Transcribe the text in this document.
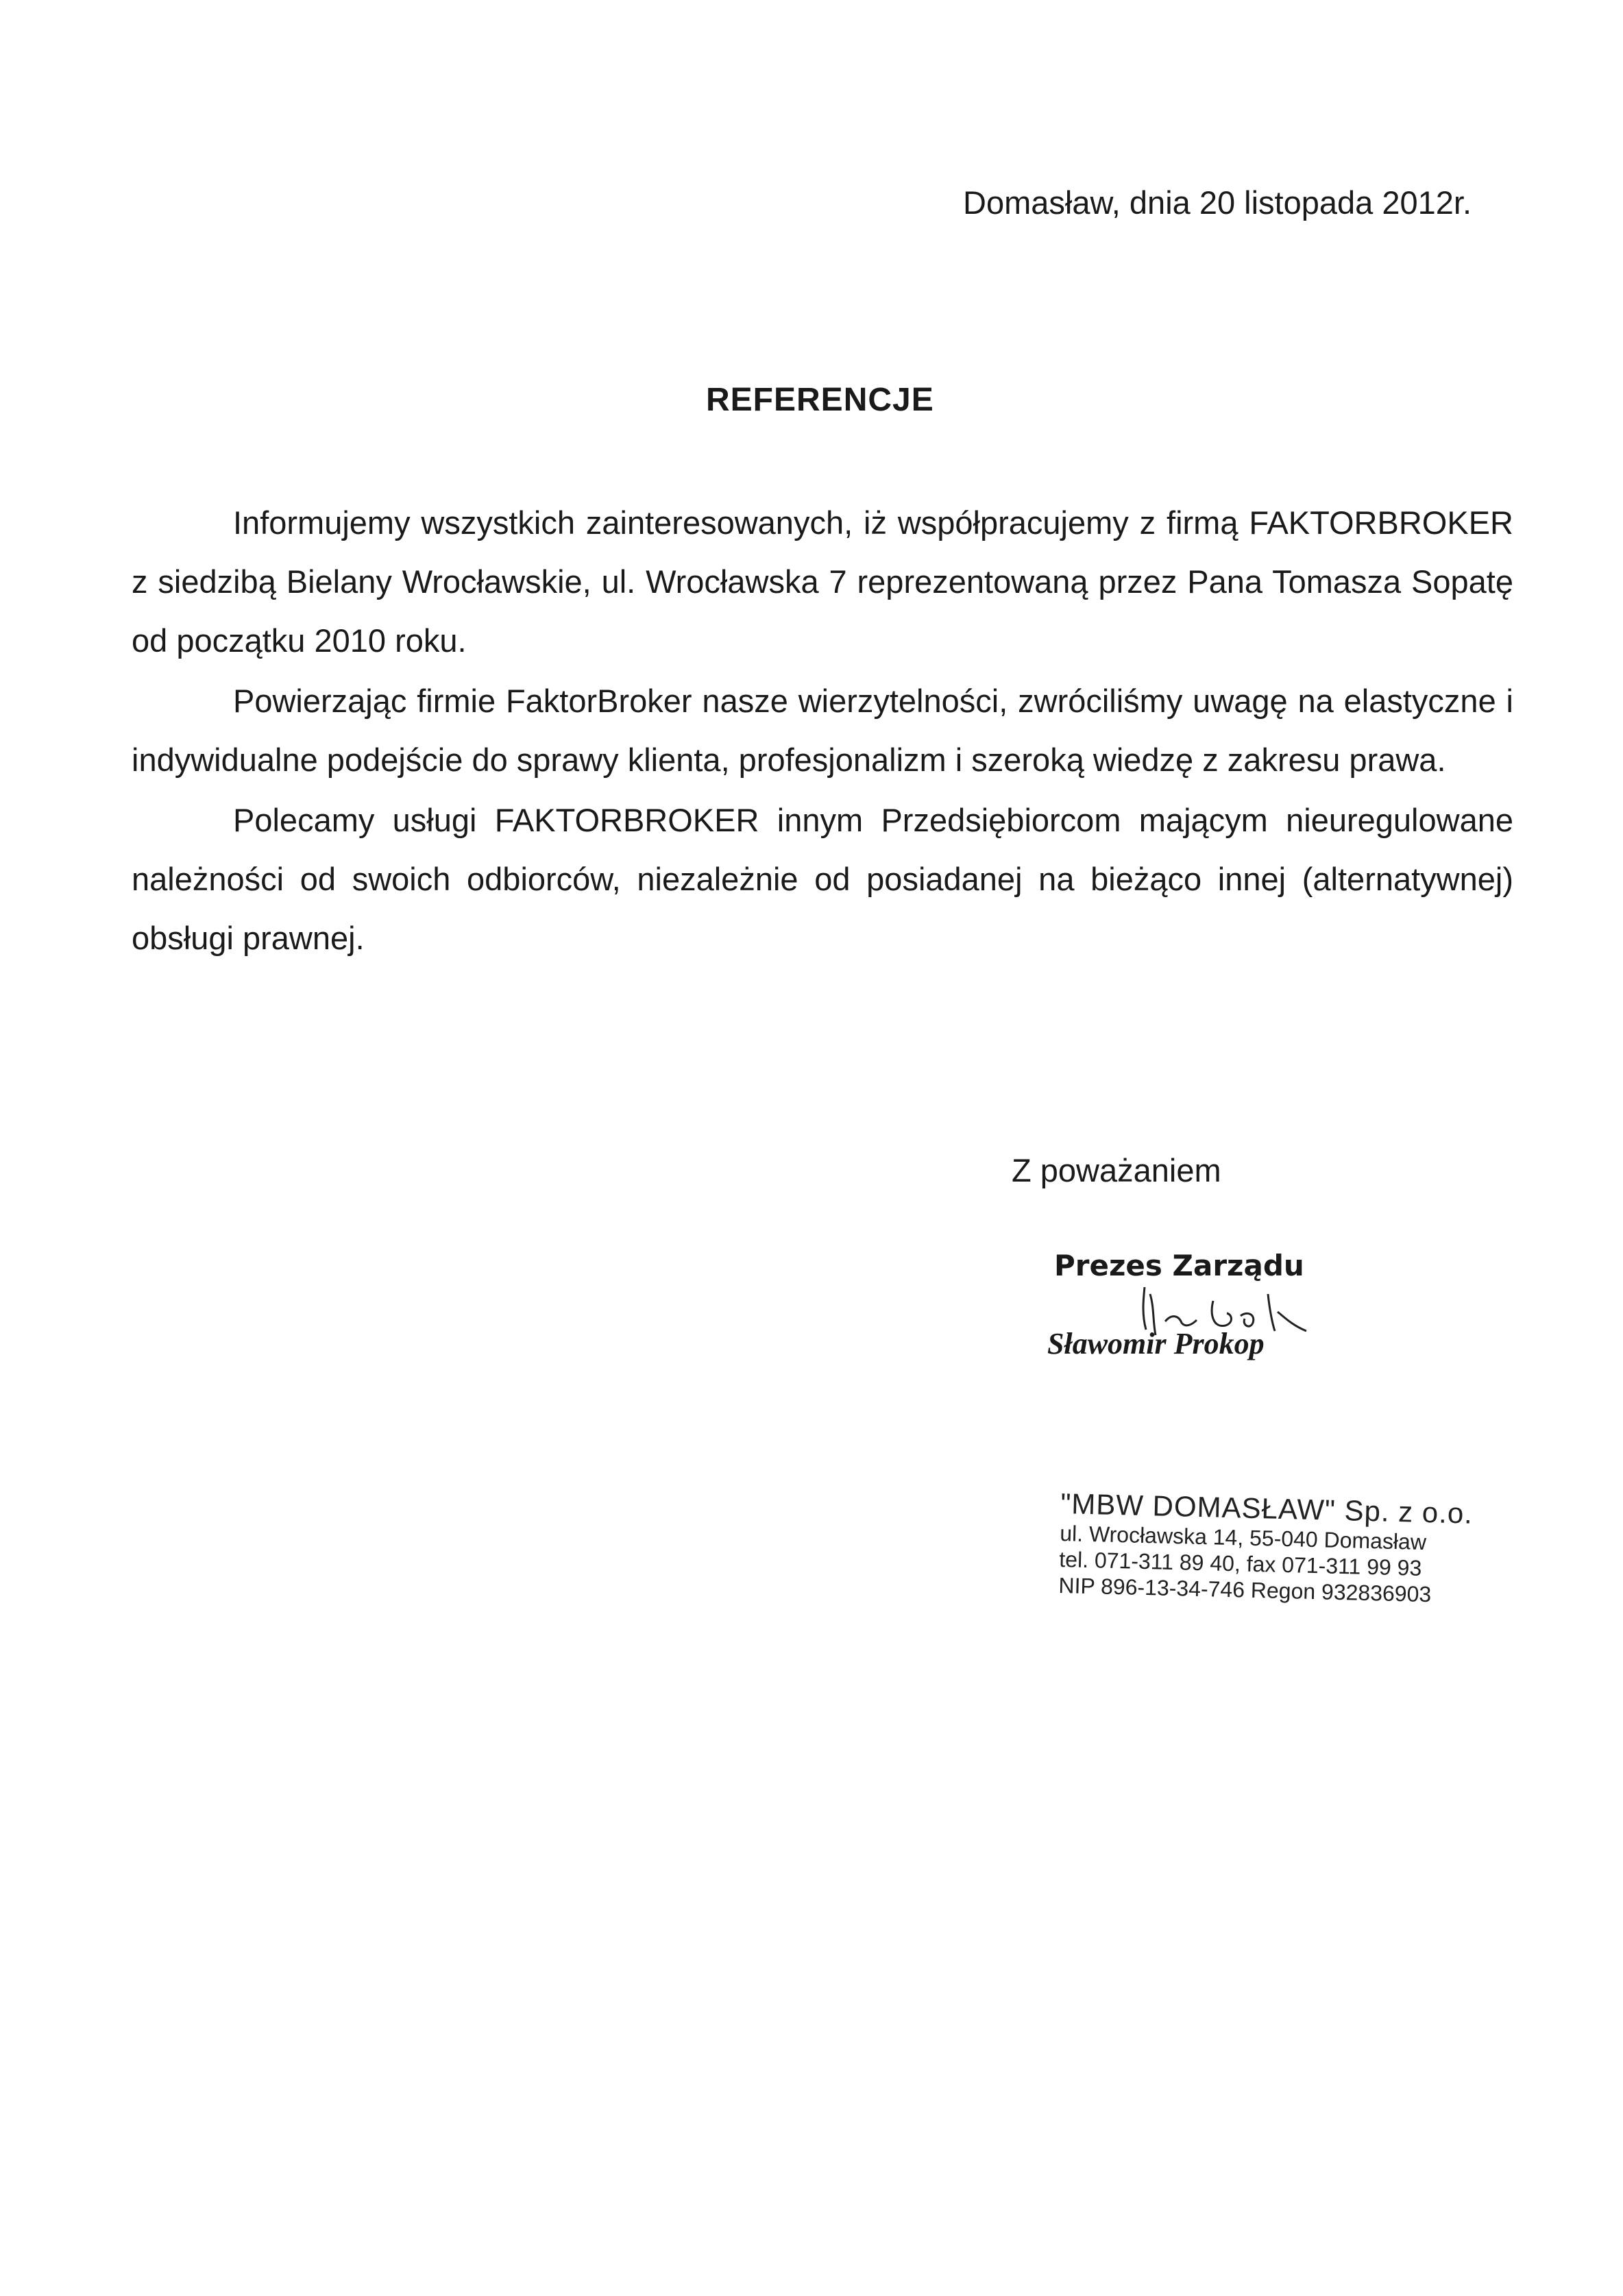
Domasław, dnia 20 listopada 2012r.
REFERENCJE

Informujemy wszystkich zainteresowanych, iż współpracujemy z firmą FAKTORBROKER z siedzibą Bielany Wrocławskie, ul. Wrocławska 7 reprezentowaną przez Pana Tomasza Sopatę od początku 2010 roku.

Powierzając firmie FaktorBroker nasze wierzytelności, zwróciliśmy uwagę na elastyczne i indywidualne podejście do sprawy klienta, profesjonalizm i szeroką wiedzę z zakresu prawa.

Polecamy usługi FAKTORBROKER innym Przedsiębiorcom mającym nieuregulowane należności od swoich odbiorców, niezależnie od posiadanej na bieżąco innej (alternatywnej) obsługi prawnej.

Z poważaniem
Prezes Zarządu
Sławomir Prokop
"MBW DOMASŁAW" Sp. z o.o.
ul. Wrocławska 14, 55-040 Domasław
tel. 071-311 89 40, fax 071-311 99 93
NIP 896-13-34-746 Regon 932836903
